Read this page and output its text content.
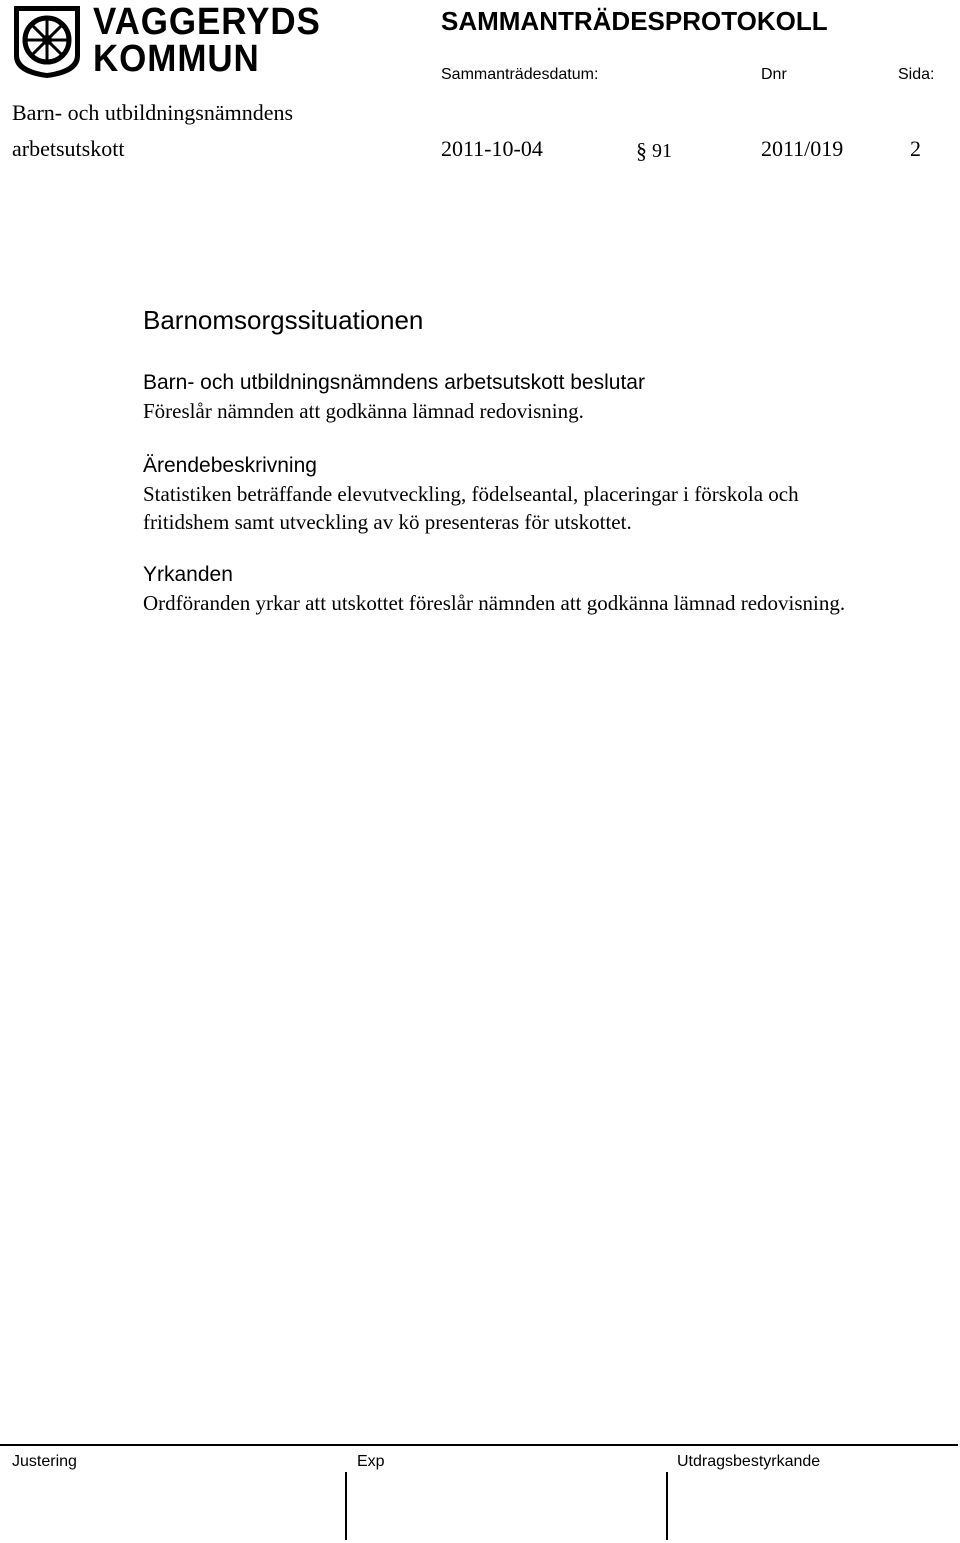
VAGGERYDS
KOMMUN
SAMMANTRÄDESPROTOKOLL
Sammanträdesdatum:	Dnr	Sida:
Barn- och utbildningsnämndens
arbetsutskott	2011-10-04	§ 91	2011/019	2
Barnomsorgssituationen
Barn- och utbildningsnämndens arbetsutskott beslutar
Föreslår nämnden att godkänna lämnad redovisning.
Ärendebeskrivning
Statistiken beträffande elevutveckling, födelseantal, placeringar i förskola och fritidshem samt utveckling av kö presenteras för utskottet.
Yrkanden
Ordföranden yrkar att utskottet föreslår nämnden att godkänna lämnad redovisning.
Justering	Exp	Utdragsbestyrkande
